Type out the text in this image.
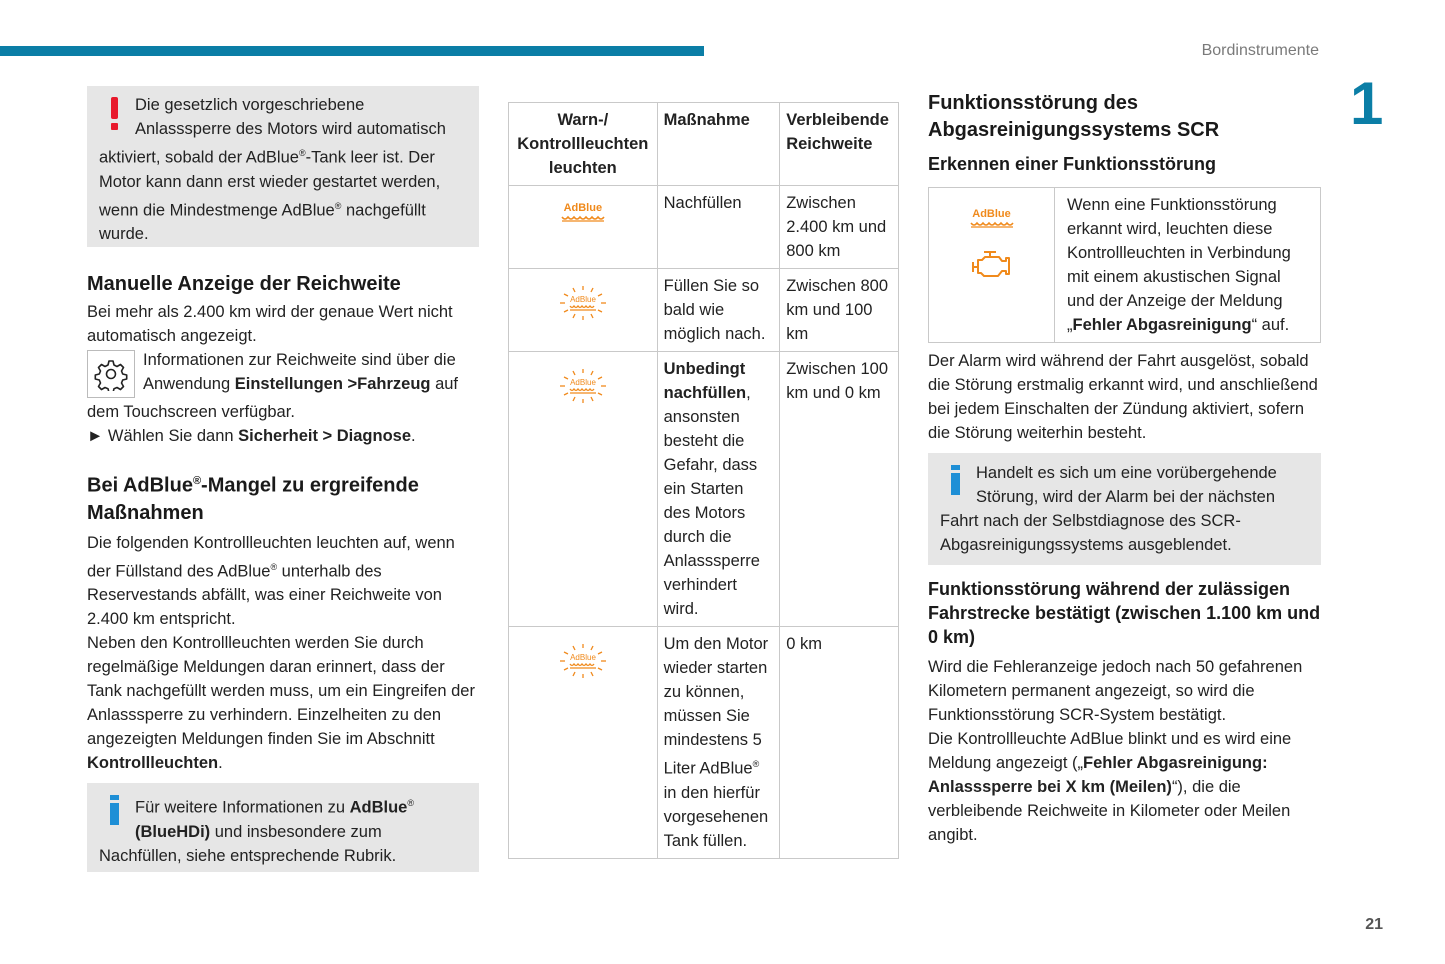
Bordinstrumente
1
Die gesetzlich vorgeschriebene
Anlasssperre des Motors wird automatisch
aktiviert, sobald der AdBlue®-Tank leer ist. Der
Motor kann dann erst wieder gestartet werden,
wenn die Mindestmenge AdBlue® nachgefüllt
wurde.
Manuelle Anzeige der Reichweite
Bei mehr als 2.400 km wird der genaue Wert nicht automatisch angezeigt.
Informationen zur Reichweite sind über die
Anwendung Einstellungen >Fahrzeug auf
dem Touchscreen verfügbar.
► Wählen Sie dann Sicherheit > Diagnose.
Bei AdBlue®-Mangel zu ergreifende
Maßnahmen
Die folgenden Kontrollleuchten leuchten auf, wenn der Füllstand des AdBlue® unterhalb des Reservestands abfällt, was einer Reichweite von 2.400 km entspricht.
Neben den Kontrollleuchten werden Sie durch regelmäßige Meldungen daran erinnert, dass der Tank nachgefüllt werden muss, um ein Eingreifen der Anlasssperre zu verhindern. Einzelheiten zu den angezeigten Meldungen finden Sie im Abschnitt Kontrollleuchten.
Für weitere Informationen zu AdBlue®
(BlueHDi) und insbesondere zum
Nachfüllen, siehe entsprechende Rubrik.
Warn-/ Kontrollleuchten leuchten	Maßnahme	Verbleibende Reichweite
AdBlue	Nachfüllen	Zwischen 2.400 km und 800 km

AdBlue	Füllen Sie so bald wie möglich nach.	Zwischen 800 km und 100 km

AdBlue	Unbedingt nachfüllen, ansonsten besteht die Gefahr, dass ein Starten des Motors durch die Anlasssperre verhindert wird.	Zwischen 100 km und 0 km

AdBlue	Um den Motor wieder starten zu können, müssen Sie mindestens 5 Liter AdBlue® in den hierfür vorgesehenen Tank füllen.	0 km
Funktionsstörung des Abgasreinigungssystems SCR
Erkennen einer Funktionsstörung
AdBlue	Wenn eine Funktionsstörung erkannt wird, leuchten diese Kontrollleuchten in Verbindung mit einem akustischen Signal und der Anzeige der Meldung „Fehler Abgasreinigung“ auf.
Der Alarm wird während der Fahrt ausgelöst, sobald die Störung erstmalig erkannt wird, und anschließend bei jedem Einschalten der Zündung aktiviert, sofern die Störung weiterhin besteht.
Handelt es sich um eine vorübergehende
Störung, wird der Alarm bei der nächsten
Fahrt nach der Selbstdiagnose des SCR-Abgasreinigungssystems ausgeblendet.
Funktionsstörung während der zulässigen Fahrstrecke bestätigt (zwischen 1.100 km und 0 km)
Wird die Fehleranzeige jedoch nach 50 gefahrenen Kilometern permanent angezeigt, so wird die Funktionsstörung SCR-System bestätigt.
Die Kontrollleuchte AdBlue blinkt und es wird eine Meldung angezeigt („Fehler Abgasreinigung: Anlasssperre bei X km (Meilen)“), die die verbleibende Reichweite in Kilometer oder Meilen angibt.
21
